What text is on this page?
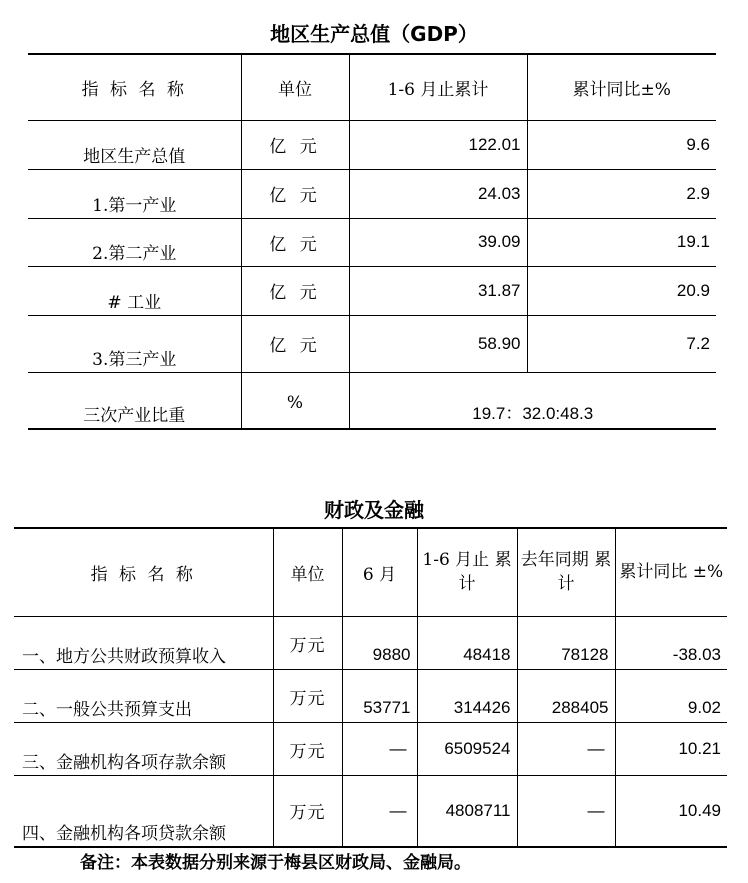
地区生产总值（GDP）
指 标 名 称	单位	1-6 月止累计	累计同比±%
地区生产总值	亿 元	122.01	9.6
1.第一产业	亿 元	24.03	2.9
2.第二产业	亿 元	39.09	19.1
# 工业	亿 元	31.87	20.9
3.第三产业	亿 元	58.90	7.2
三次产业比重	%	19.7：32.0:48.3	
财政及金融
指 标 名 称	单位	6 月	1-6 月止 累计	去年同期 累计	累计同比 ±%
一、地方公共财政预算收入	万元	9880	48418	78128	-38.03
二、一般公共预算支出	万元	53771	314426	288405	9.02
三、金融机构各项存款余额	万元	—	6509524	—	10.21
四、金融机构各项贷款余额	万元	—	4808711	—	10.49
备注：本表数据分别来源于梅县区财政局、金融局。
